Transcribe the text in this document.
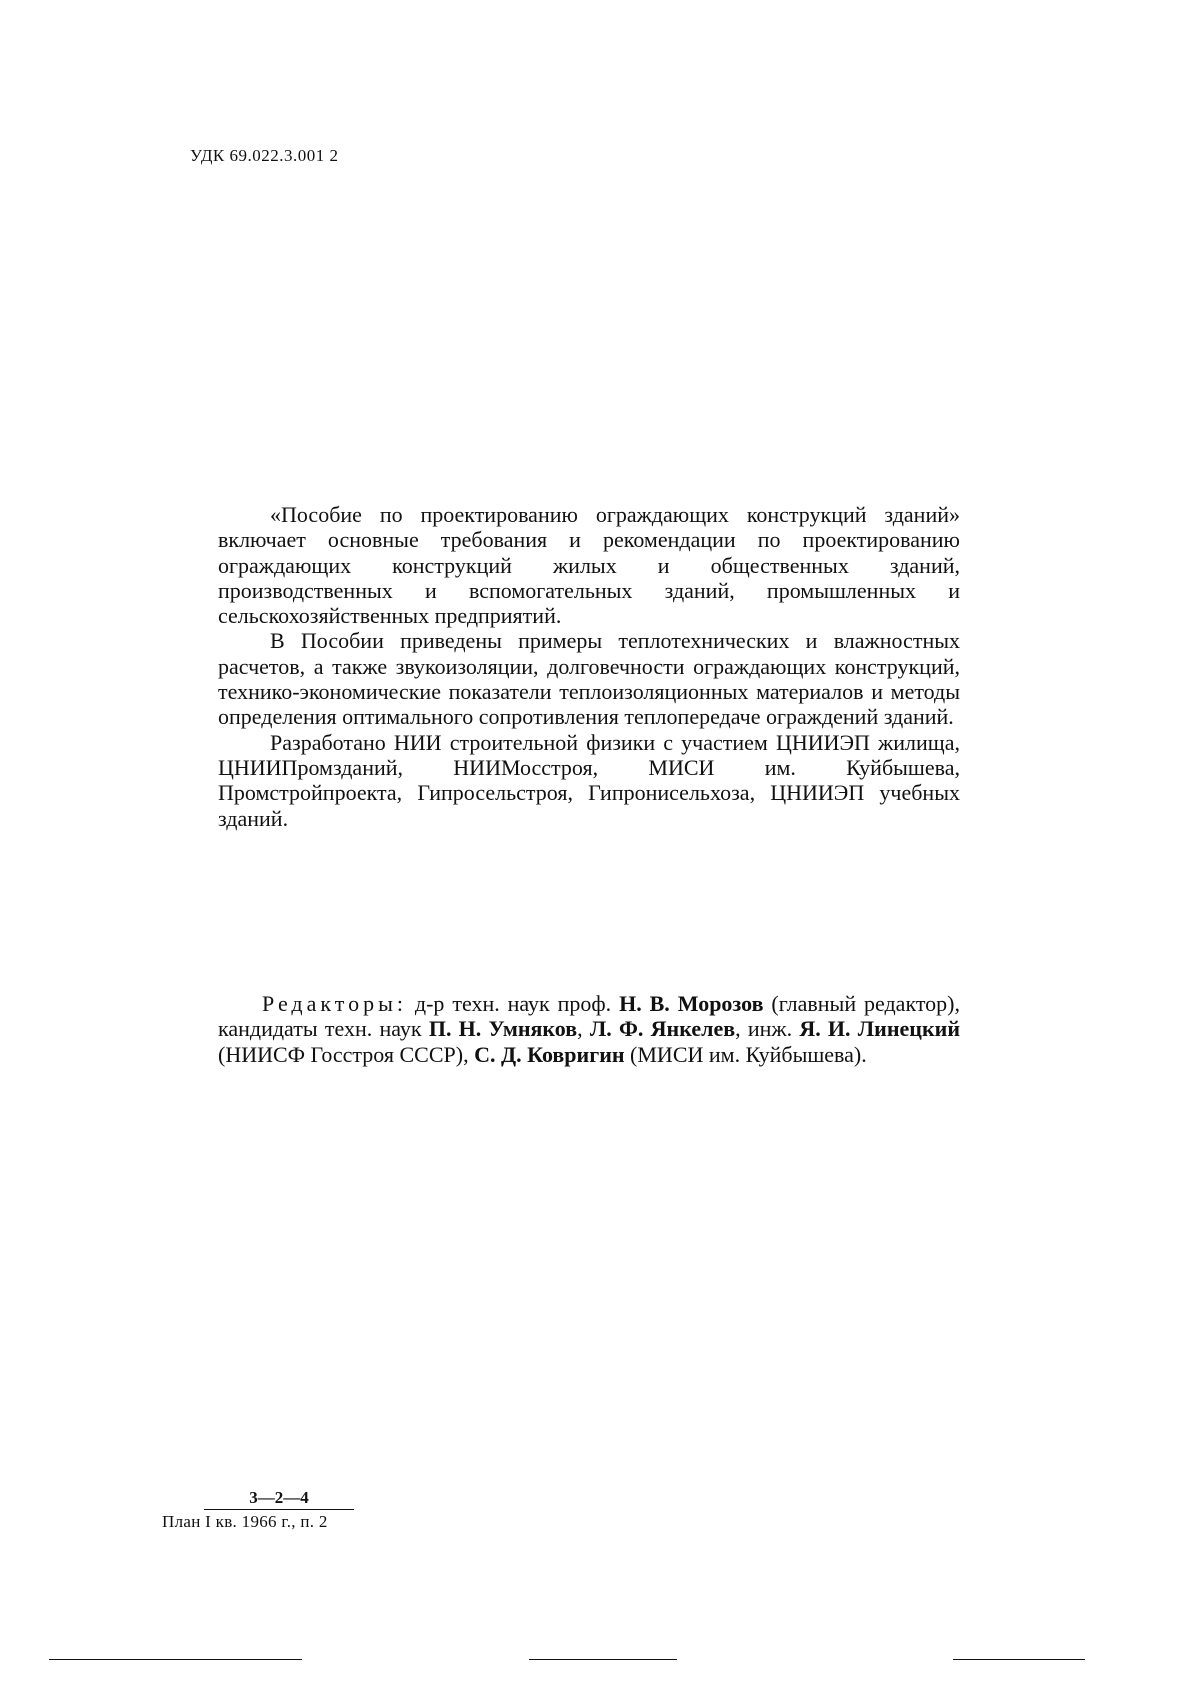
УДК 69.022.3.001 2

«Пособие по проектированию ограждающих конструкций зданий» включает основные требования и рекомендации по проектированию ограждающих конструкций жилых и общественных зданий, производственных и вспомогательных зданий, промышленных и сельскохозяйственных предприятий.

В Пособии приведены примеры теплотехнических и влажностных расчетов, а также звукоизоляции, долговечности ограждающих конструкций, технико-экономические показатели теплоизоляционных материалов и методы определения оптимального сопротивления теплопередаче ограждений зданий.

Разработано НИИ строительной физики с участием ЦНИИЭП жилища, ЦНИИПромзданий, НИИМосстроя, МИСИ им. Куйбышева, Промстройпроекта, Гипросельстроя, Гипронисельхоза, ЦНИИЭП учебных зданий.

Редакторы: д-р техн. наук проф. Н. В. Морозов (главный редактор), кандидаты техн. наук П. Н. Умняков, Л. Ф. Янкелев, инж. Я. И. Линецкий (НИИСФ Госстроя СССР), С. Д. Ковригин (МИСИ им. Куйбышева).
3—2—4
План I кв. 1966 г., п. 2
